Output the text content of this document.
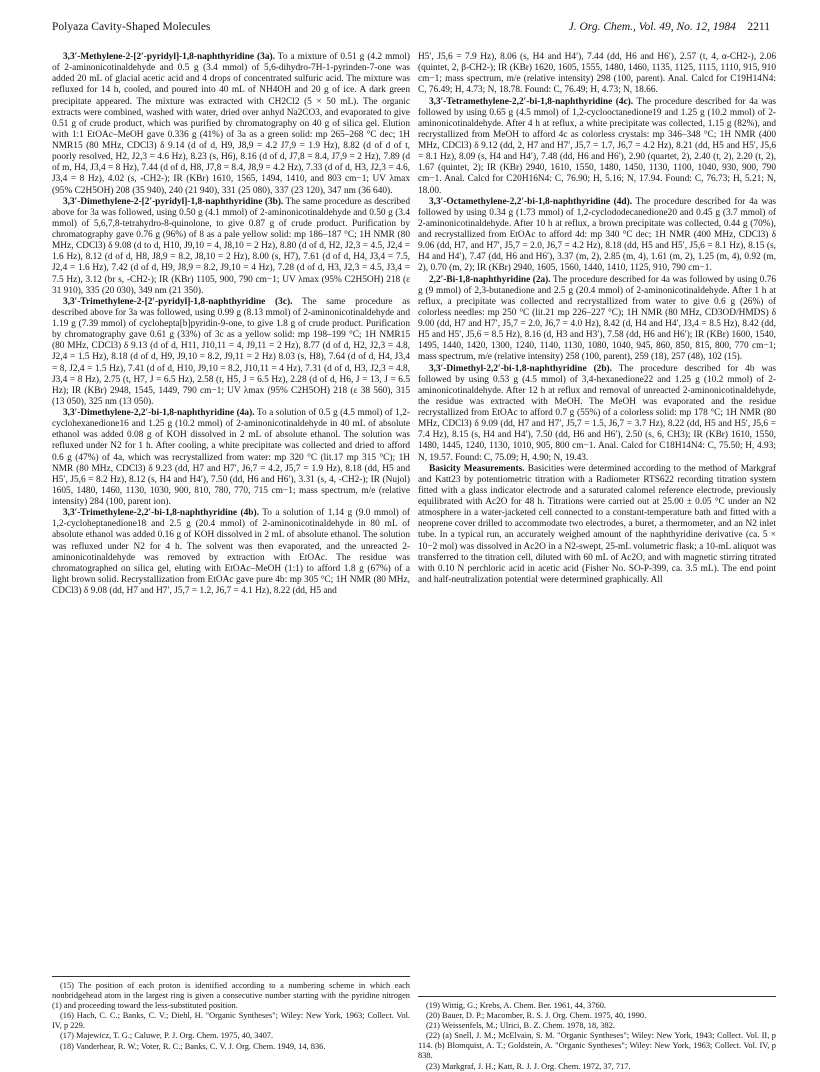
Polyaza Cavity-Shaped Molecules	J. Org. Chem., Vol. 49, No. 12, 1984 2211

3,3′-Methylene-2-[2′-pyridyl]-1,8-naphthyridine (3a). To a mixture of 0.51 g (4.2 mmol) of 2-aminonicotinaldehyde and 0.5 g (3.4 mmol) of 5,6-dihydro-7H-1-pyrinden-7-one was added 20 mL of glacial acetic acid and 4 drops of concentrated sulfuric acid. The mixture was refluxed for 14 h, cooled, and poured into 40 mL of NH4OH and 20 g of ice. A dark green precipitate appeared. The mixture was extracted with CH2Cl2 (5 × 50 mL). The organic extracts were combined, washed with water, dried over anhyd Na2CO3, and evaporated to give 0.51 g of crude product, which was purified by chromatography on 40 g of silica gel. Elution with 1:1 EtOAc–MeOH gave 0.336 g (41%) of 3a as a green solid: mp 265–268 °C dec; 1H NMR15 (80 MHz, CDCl3) δ 9.14 (d of d, H9, J8,9 = 4.2 J7,9 = 1.9 Hz), 8.82 (d of d of t, poorly resolved, H2, J2,3 = 4.6 Hz), 8.23 (s, H6), 8.16 (d of d, J7,8 = 8.4, J7,9 = 2 Hz), 7.89 (d of m, H4, J3,4 = 8 Hz), 7.44 (d of d, H8, J7,8 = 8.4, J8,9 = 4.2 Hz), 7.33 (d of d, H3, J2,3 = 4.6, J3,4 = 8 Hz), 4.02 (s, -CH2-); IR (KBr) 1610, 1565, 1494, 1410, and 803 cm−1; UV λmax (95% C2H5OH) 208 (35 940), 240 (21 940), 331 (25 080), 337 (23 120), 347 nm (36 640).

3,3′-Dimethylene-2-[2′-pyridyl]-1,8-naphthyridine (3b). The same procedure as described above for 3a was followed, using 0.50 g (4.1 mmol) of 2-aminonicotinaldehyde and 0.50 g (3.4 mmol) of 5,6,7,8-tetrahydro-8-quinolone, to give 0.87 g of crude product. Purification by chromatography gave 0.76 g (96%) of 8 as a pale yellow solid: mp 186–187 °C; 1H NMR (80 MHz, CDCl3) δ 9.08 (d to d, H10, J9,10 = 4, J8,10 = 2 Hz), 8.80 (d of d, H2, J2,3 = 4.5, J2,4 = 1.6 Hz), 8.12 (d of d, H8, J8,9 = 8.2, J8,10 = 2 Hz), 8.00 (s, H7), 7.61 (d of d, H4, J3,4 = 7.5, J2,4 = 1.6 Hz), 7.42 (d of d, H9, J8,9 = 8.2, J9,10 = 4 Hz), 7.28 (d of d, H3, J2,3 = 4.5, J3,4 = 7.5 Hz), 3.12 (br s, -CH2-); IR (KBr) 1105, 900, 790 cm−1; UV λmax (95% C2H5OH) 218 (ε 31 910), 335 (20 030), 349 nm (21 350).

3,3′-Trimethylene-2-[2′-pyridyl]-1,8-naphthyridine (3c). The same procedure as described above for 3a was followed, using 0.99 g (8.13 mmol) of 2-aminonicotinaldehyde and 1.19 g (7.39 mmol) of cyclohepta[b]pyridin-9-one, to give 1.8 g of crude product. Purification by chromatography gave 0.61 g (33%) of 3c as a yellow solid: mp 198–199 °C; 1H NMR15 (80 MHz, CDCl3) δ 9.13 (d of d, H11, J10,11 = 4, J9,11 = 2 Hz), 8.77 (d of d, H2, J2,3 = 4.8, J2,4 = 1.5 Hz), 8.18 (d of d, H9, J9,10 = 8.2, J9,11 = 2 Hz) 8.03 (s, H8), 7.64 (d of d, H4, J3,4 = 8, J2,4 = 1.5 Hz), 7.41 (d of d, H10, J9,10 = 8.2, J10,11 = 4 Hz), 7.31 (d of d, H3, J2,3 = 4.8, J3,4 = 8 Hz), 2.75 (t, H7, J = 6.5 Hz), 2.58 (t, H5, J = 6.5 Hz), 2.28 (d of d, H6, J = 13, J = 6.5 Hz); IR (KBr) 2948, 1545, 1449, 790 cm−1; UV λmax (95% C2H5OH) 218 (ε 38 560), 315 (13 050), 325 nm (13 050).

3,3′-Dimethylene-2,2′-bi-1,8-naphthyridine (4a). To a solution of 0.5 g (4.5 mmol) of 1,2-cyclohexanedione16 and 1.25 g (10.2 mmol) of 2-aminonicotinaldehyde in 40 mL of absolute ethanol was added 0.08 g of KOH dissolved in 2 mL of absolute ethanol. The solution was refluxed under N2 for 1 h. After cooling, a white precipitate was collected and dried to afford 0.6 g (47%) of 4a, which was recrystallized from water: mp 320 °C (lit.17 mp 315 °C); 1H NMR (80 MHz, CDCl3) δ 9.23 (dd, H7 and H7′, J6,7 = 4.2, J5,7 = 1.9 Hz), 8.18 (dd, H5 and H5′, J5,6 = 8.2 Hz), 8.12 (s, H4 and H4′), 7.50 (dd, H6 and H6′), 3.31 (s, 4, -CH2-); IR (Nujol) 1605, 1480, 1460, 1130, 1030, 900, 810, 780, 770, 715 cm−1; mass spectrum, m/e (relative intensity) 284 (100, parent ion).

3,3′-Trimethylene-2,2′-bi-1,8-naphthyridine (4b). To a solution of 1.14 g (9.0 mmol) of 1,2-cycloheptanedione18 and 2.5 g (20.4 mmol) of 2-aminonicotinaldehyde in 80 mL of absolute ethanol was added 0.16 g of KOH dissolved in 2 mL of absolute ethanol. The solution was refluxed under N2 for 4 h. The solvent was then evaporated, and the unreacted 2-aminonicotinaldehyde was removed by extraction with EtOAc. The residue was chromatographed on silica gel, eluting with EtOAc–MeOH (1:1) to afford 1.8 g (67%) of a light brown solid. Recrystallization from EtOAc gave pure 4b: mp 305 °C; 1H NMR (80 MHz, CDCl3) δ 9.08 (dd, H7 and H7′, J5,7 = 1.2, J6,7 = 4.1 Hz), 8.22 (dd, H5 and

H5′, J5,6 = 7.9 Hz), 8.06 (s, H4 and H4′), 7.44 (dd, H6 and H6′), 2.57 (t, 4, α-CH2-), 2.06 (quintet, 2, β-CH2-); IR (KBr) 1620, 1605, 1555, 1480, 1460, 1135, 1125, 1115, 1110, 915, 910 cm−1; mass spectrum, m/e (relative intensity) 298 (100, parent). Anal. Calcd for C19H14N4: C, 76.49; H, 4.73; N, 18.78. Found: C, 76.49; H, 4.73; N, 18.66.

3,3′-Tetramethylene-2,2′-bi-1,8-naphthyridine (4c). The procedure described for 4a was followed by using 0.65 g (4.5 mmol) of 1,2-cyclooctanedione19 and 1.25 g (10.2 mmol) of 2-aminonicotinaldehyde. After 4 h at reflux, a white precipitate was collected, 1.15 g (82%), and recrystallized from MeOH to afford 4c as colorless crystals: mp 346–348 °C; 1H NMR (400 MHz, CDCl3) δ 9.12 (dd, 2, H7 and H7′, J5,7 = 1.7, J6,7 = 4.2 Hz), 8.21 (dd, H5 and H5′, J5,6 = 8.1 Hz), 8.09 (s, H4 and H4′), 7.48 (dd, H6 and H6′), 2.90 (quartet, 2), 2.40 (t, 2), 2.20 (t, 2), 1.67 (quintet, 2); IR (KBr) 2940, 1610, 1550, 1480, 1450, 1130, 1100, 1040, 930, 900, 790 cm−1. Anal. Calcd for C20H16N4: C, 76.90; H, 5.16; N, 17.94. Found: C, 76.73; H, 5.21; N, 18.00.

3,3′-Octamethylene-2,2′-bi-1,8-naphthyridine (4d). The procedure described for 4a was followed by using 0.34 g (1.73 mmol) of 1,2-cyclododecanedione20 and 0.45 g (3.7 mmol) of 2-aminonicotinaldehyde. After 10 h at reflux, a brown precipitate was collected, 0.44 g (70%), and recrystallized from EtOAc to afford 4d: mp 340 °C dec; 1H NMR (400 MHz, CDCl3) δ 9.06 (dd, H7, and H7′, J5,7 = 2.0, J6,7 = 4.2 Hz), 8.18 (dd, H5 and H5′, J5,6 = 8.1 Hz), 8.15 (s, H4 and H4′), 7.47 (dd, H6 and H6′), 3.37 (m, 2), 2.85 (m, 4), 1.61 (m, 2), 1.25 (m, 4), 0.92 (m, 2), 0.70 (m, 2); IR (KBr) 2940, 1605, 1560, 1440, 1410, 1125, 910, 790 cm−1.

2,2′-Bi-1,8-naphthyridine (2a). The procedure described for 4a was followed by using 0.76 g (9 mmol) of 2,3-butanedione and 2.5 g (20.4 mmol) of 2-aminonicotinaldehyde. After 1 h at reflux, a precipitate was collected and recrystallized from water to give 0.6 g (26%) of colorless needles: mp 250 °C (lit.21 mp 226–227 °C); 1H NMR (80 MHz, CD3OD/HMDS) δ 9.00 (dd, H7 and H7′, J5,7 = 2.0, J6,7 = 4.0 Hz), 8.42 (d, H4 and H4′, J3,4 = 8.5 Hz), 8.42 (dd, H5 and H5′, J5,6 = 8.5 Hz), 8.16 (d, H3 and H3′), 7.58 (dd, H6 and H6′); IR (KBr) 1600, 1540, 1495, 1440, 1420, 1300, 1240, 1140, 1130, 1080, 1040, 945, 860, 850, 815, 800, 770 cm−1; mass spectrum, m/e (relative intensity) 258 (100, parent), 259 (18), 257 (48), 102 (15).

3,3′-Dimethyl-2,2′-bi-1,8-naphthyridine (2b). The procedure described for 4b was followed by using 0.53 g (4.5 mmol) of 3,4-hexanedione22 and 1.25 g (10.2 mmol) of 2-aminonicotinaldehyde. After 12 h at reflux and removal of unreacted 2-aminonicotinaldehyde, the residue was extracted with MeOH. The MeOH was evaporated and the residue recrystallized from EtOAc to afford 0.7 g (55%) of a colorless solid: mp 178 °C; 1H NMR (80 MHz, CDCl3) δ 9.09 (dd, H7 and H7′, J5,7 = 1.5, J6,7 = 3.7 Hz), 8.22 (dd, H5 and H5′, J5,6 = 7.4 Hz), 8.15 (s, H4 and H4′), 7.50 (dd, H6 and H6′), 2.50 (s, 6, CH3); IR (KBr) 1610, 1550, 1480, 1445, 1240, 1130, 1010, 905, 800 cm−1. Anal. Calcd for C18H14N4: C, 75.50; H, 4.93; N, 19.57. Found: C, 75.09; H, 4.90; N, 19.43.

Basicity Measurements. Basicities were determined according to the method of Markgraf and Katt23 by potentiometric titration with a Radiometer RTS622 recording titration system fitted with a glass indicator electrode and a saturated calomel reference electrode, previously equilibrated with Ac2O for 48 h. Titrations were carried out at 25.00 ± 0.05 °C under an N2 atmosphere in a water-jacketed cell connected to a constant-temperature bath and fitted with a neoprene cover drilled to accommodate two electrodes, a buret, a thermometer, and an N2 inlet tube. In a typical run, an accurately weighed amount of the naphthyridine derivative (ca. 5 × 10−2 mol) was dissolved in Ac2O in a N2-swept, 25-mL volumetric flask; a 10-mL aliquot was transferred to the titration cell, diluted with 60 mL of Ac2O, and with magnetic stirring titrated with 0.10 N perchloric acid in acetic acid (Fisher No. SO-P-399, ca. 3.5 mL). The end point and half-neutralization potential were determined graphically. All

(15) The position of each proton is identified according to a numbering scheme in which each nonbridgehead atom in the largest ring is given a consecutive number starting with the pyridine nitrogen (1) and proceeding toward the less-substituted position.

(16) Hach, C. C.; Banks, C. V.; Diehl, H. "Organic Syntheses"; Wiley: New York, 1963; Collect. Vol. IV, p 229.

(17) Majewicz, T. G.; Caluwe, P. J. Org. Chem. 1975, 40, 3407.

(18) Vanderhear, R. W.; Voter, R. C.; Banks, C. V. J. Org. Chem. 1949, 14, 836.

(19) Wittig, G.; Krebs, A. Chem. Ber. 1961, 44, 3760.

(20) Bauer, D. P.; Macomber, R. S. J. Org. Chem. 1975, 40, 1990.

(21) Weissenfels, M.; Ulrici, B. Z. Chem. 1978, 18, 382.

(22) (a) Snell, J. M.; McElvain, S. M. "Organic Syntheses"; Wiley: New York, 1943; Collect. Vol. II, p 114. (b) Blomquist, A. T.; Goldstein, A. "Organic Syntheses"; Wiley: New York, 1963; Collect. Vol. IV, p 838.

(23) Markgraf, J. H.; Katt, R. J. J. Org. Chem. 1972, 37, 717.
